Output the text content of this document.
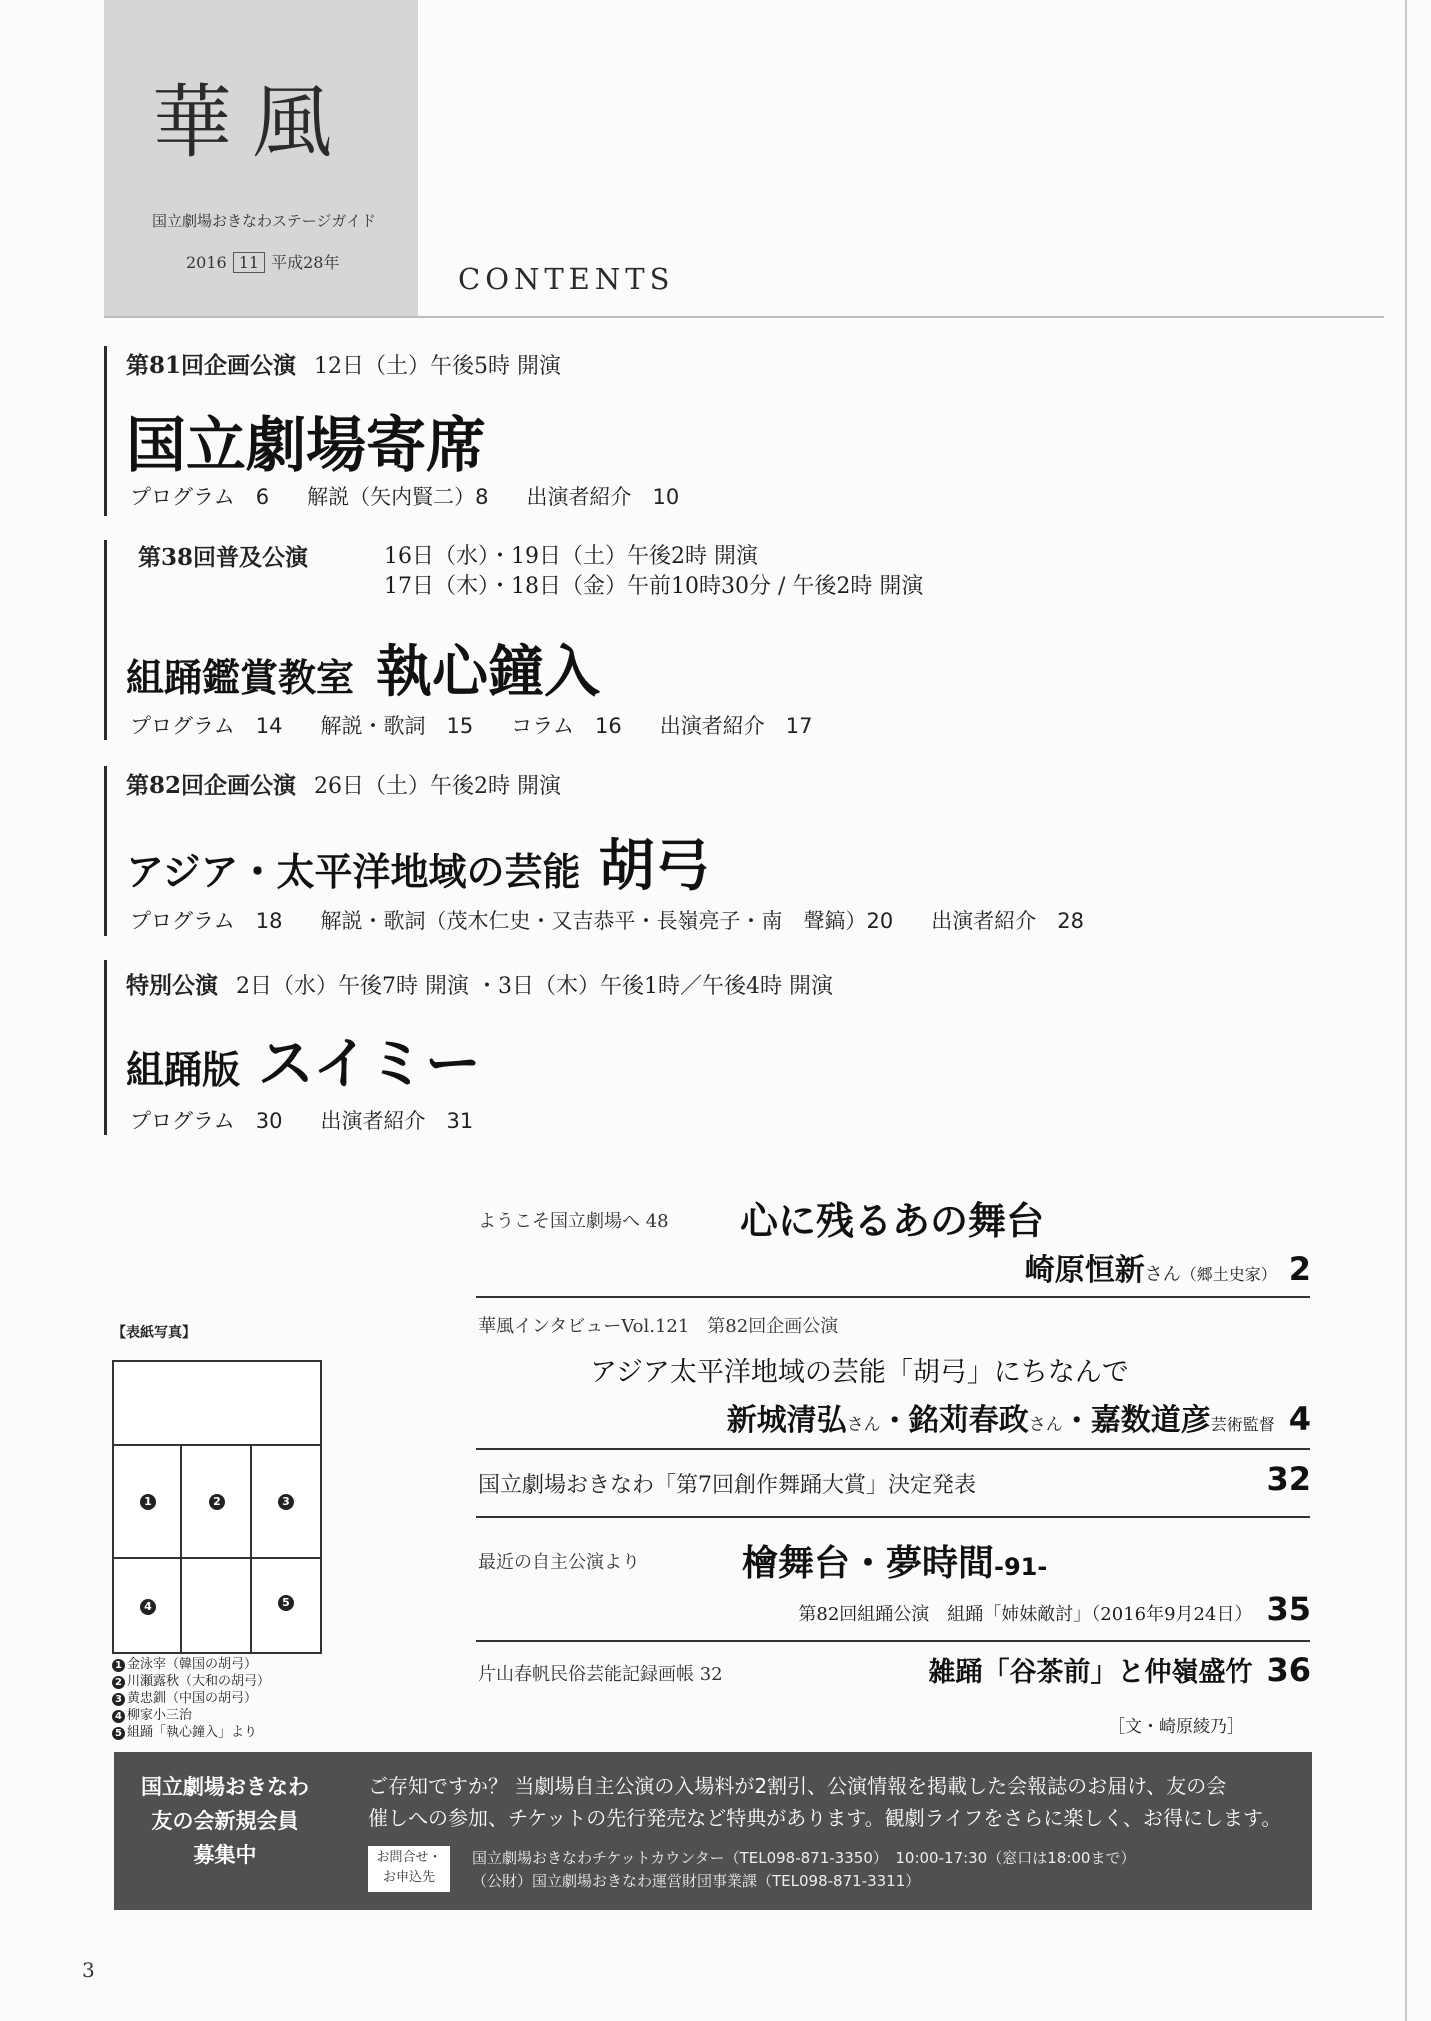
華風
国立劇場おきなわステージガイド
2016 11 平成28年	CONTENTS
第81回企画公演 12日（土）午後5時 開演
国立劇場寄席
プログラム　6 解説（矢内賢二）8 出演者紹介　10
第38回普及公演	16日（水）・19日（土）午後2時 開演
17日（木）・18日（金）午前10時30分 / 午後2時 開演
組踊鑑賞教室 執心鐘入
プログラム　14 解説・歌詞　15 コラム　16 出演者紹介　17
第82回企画公演 26日（土）午後2時 開演
アジア・太平洋地域の芸能 胡弓
プログラム　18 解説・歌詞（茂木仁史・又吉恭平・長嶺亮子・南　聲鎬）20 出演者紹介　28
特別公演 2日（水）午後7時 開演 ・3日（木）午後1時／午後4時 開演
組踊版 スイミー
プログラム　30 出演者紹介　31
ようこそ国立劇場へ 48 心に残るあの舞台
崎原恒新さん（郷土史家） 2
華風インタビューVol.121　第82回企画公演
アジア太平洋地域の芸能「胡弓」にちなんで
新城清弘さん・銘苅春政さん・嘉数道彦芸術監督 4
国立劇場おきなわ「第7回創作舞踊大賞」決定発表	32
最近の自主公演より	檜舞台・夢時間-91-
第82回組踊公演　組踊「姉妹敵討」（2016年9月24日） 35
片山春帆民俗芸能記録画帳 32	雑踊「谷茶前」と仲嶺盛竹 36
［文・崎原綾乃］
【表紙写真】
1	2	3
4	5
1 金泳宰（韓国の胡弓）
2 川瀬露秋（大和の胡弓）
3 黄忠釧（中国の胡弓）
4 柳家小三治
5 組踊「執心鐘入」より
国立劇場おきなわ
友の会新規会員
募集中
ご存知ですか？ 当劇場自主公演の入場料が2割引、公演情報を掲載した会報誌のお届け、友の会
催しへの参加、チケットの先行発売など特典があります。観劇ライフをさらに楽しく、お得にします。
お問合せ・
お申込先
国立劇場おきなわチケットカウンター（TEL098-871-3350）　10:00-17:30（窓口は18:00まで）
（公財）国立劇場おきなわ運営財団事業課（TEL098-871-3311）
3
